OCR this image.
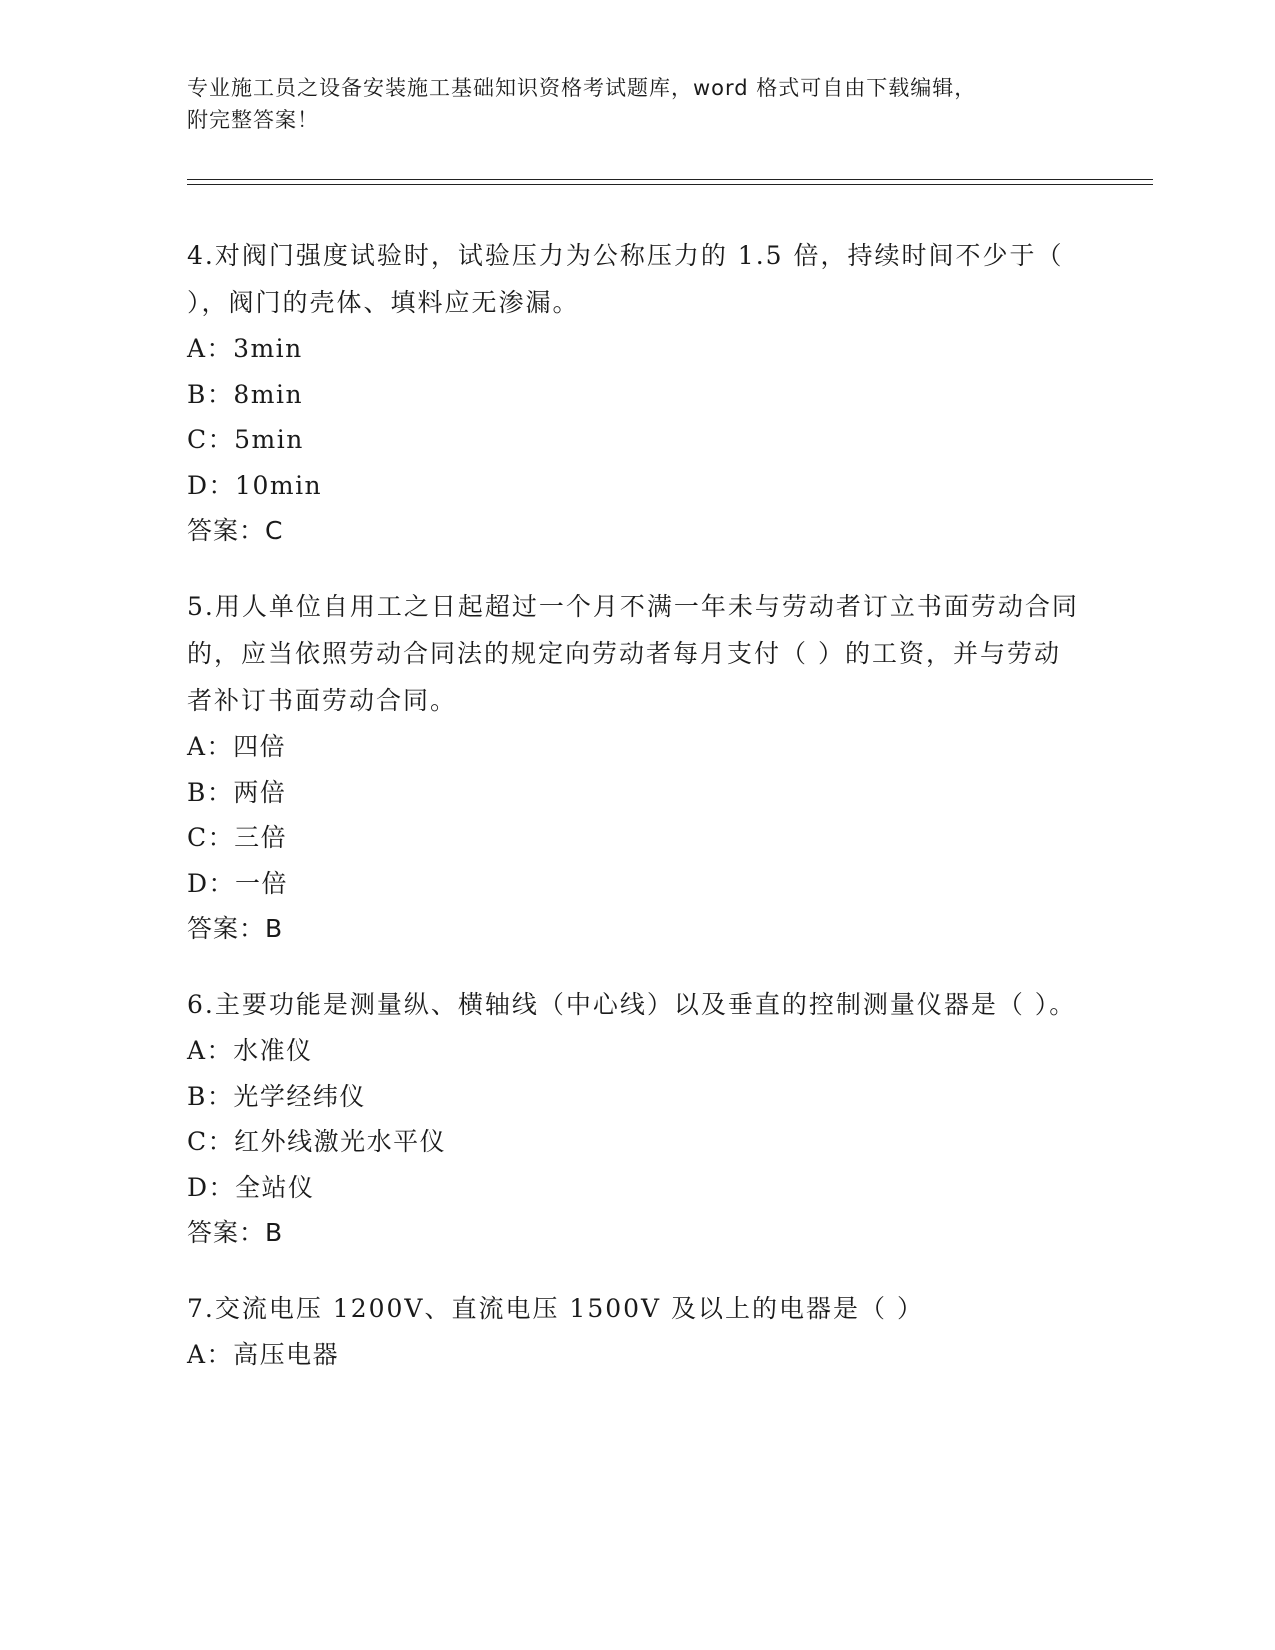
专业施工员之设备安装施工基础知识资格考试题库，word 格式可自由下载编辑，
附完整答案！
4.对阀门强度试验时，试验压力为公称压力的 1.5 倍，持续时间不少于（ ），阀门的壳体、填料应无渗漏。
A：3min
B：8min
C：5min
D：10min
答案：C
5.用人单位自用工之日起超过一个月不满一年未与劳动者订立书面劳动合同的，应当依照劳动合同法的规定向劳动者每月支付（ ）的工资，并与劳动者补订书面劳动合同。
A：四倍
B：两倍
C：三倍
D：一倍
答案：B
6.主要功能是测量纵、横轴线（中心线）以及垂直的控制测量仪器是（ ）。
A：水准仪
B：光学经纬仪
C：红外线激光水平仪
D：全站仪
答案：B
7.交流电压 1200V、直流电压 1500V 及以上的电器是（ ）
A：高压电器
